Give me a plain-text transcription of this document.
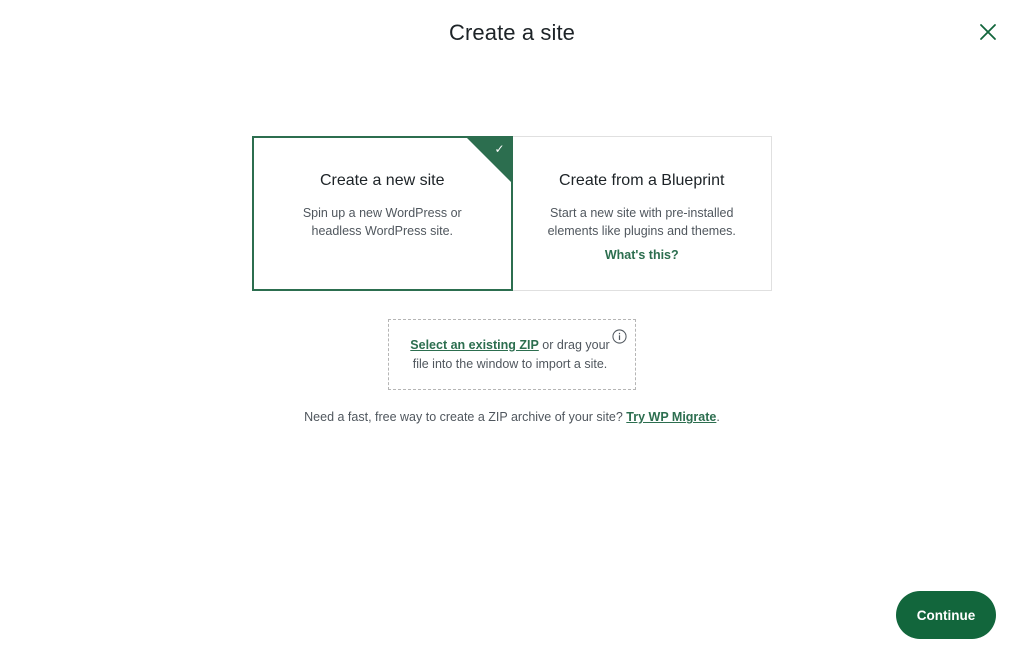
Create a site
✓
Create a new site

Spin up a new WordPress or headless WordPress site.

Create from a Blueprint

Start a new site with pre-installed elements like plugins and themes.

What's this?
Select an existing ZIP or drag your file into the window to import a site.
Need a fast, free way to create a ZIP archive of your site? Try WP Migrate.
Continue
